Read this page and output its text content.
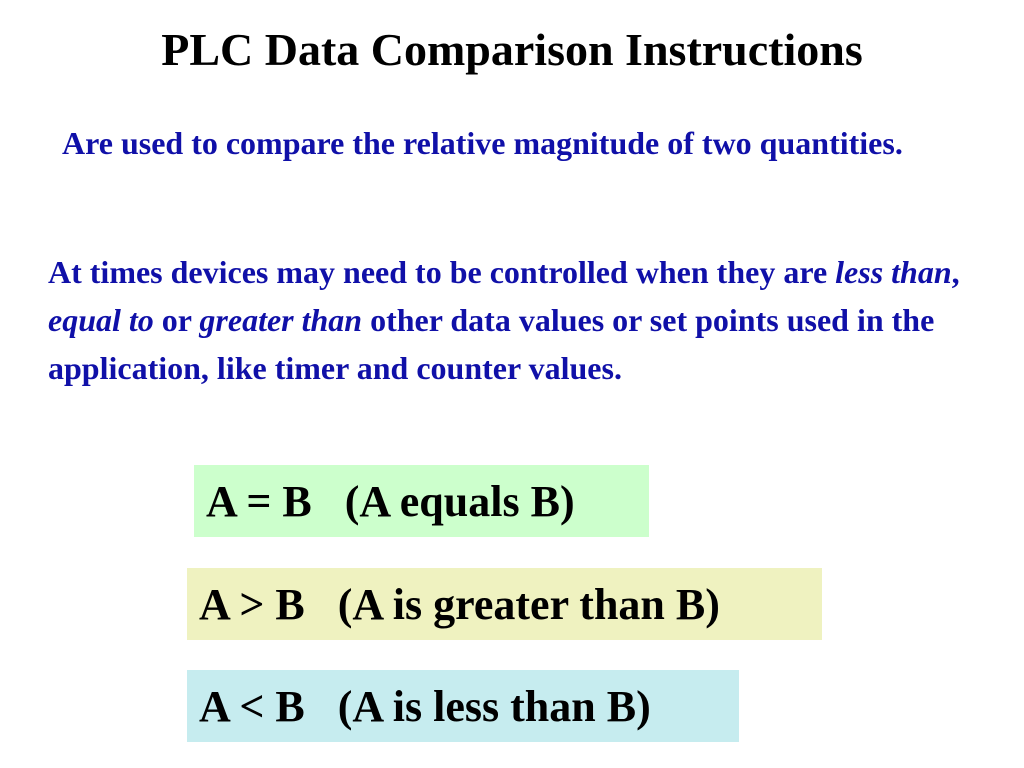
PLC Data Comparison Instructions

Are used to compare the relative magnitude of two quantities.

At times devices may need to be controlled when they are less than, equal to or greater than other data values or set points used in the application, like timer and counter values.

A = B (A equals B)
A > B (A is greater than B)
A < B (A is less than B)
